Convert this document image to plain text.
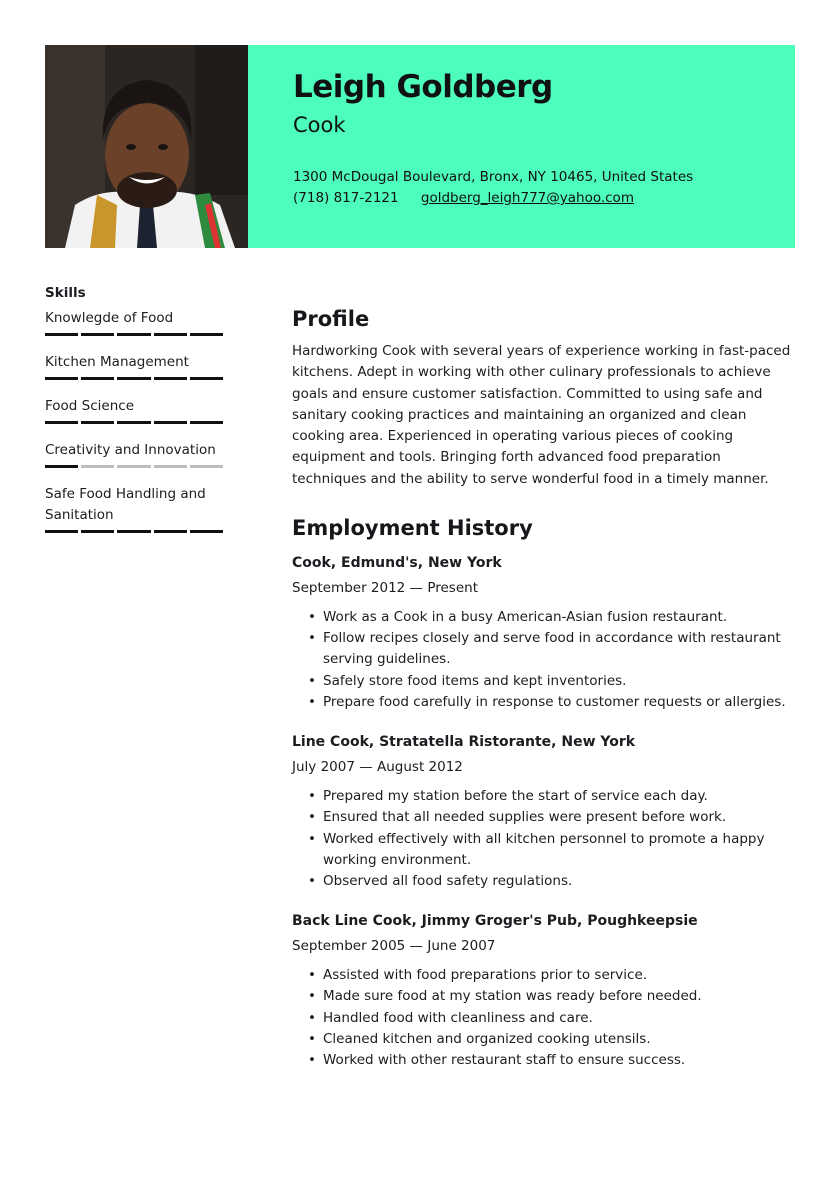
Leigh Goldberg
Cook
1300 McDougal Boulevard, Bronx, NY 10465, United States
(718) 817-2121 goldberg_leigh777@yahoo.com
Skills
Knowlegde of Food
Kitchen Management
Food Science
Creativity and Innovation
Safe Food Handling and Sanitation
Profile
Hardworking Cook with several years of experience working in fast-paced kitchens. Adept in working with other culinary professionals to achieve goals and ensure customer satisfaction. Committed to using safe and sanitary cooking practices and maintaining an organized and clean cooking area. Experienced in operating various pieces of cooking equipment and tools. Bringing forth advanced food preparation techniques and the ability to serve wonderful food in a timely manner.
Employment History
Cook, Edmund's, New York
September 2012 — Present
• Work as a Cook in a busy American-Asian fusion restaurant.
• Follow recipes closely and serve food in accordance with restaurant serving guidelines.
• Safely store food items and kept inventories.
• Prepare food carefully in response to customer requests or allergies.
Line Cook, Stratatella Ristorante, New York
July 2007 — August 2012
• Prepared my station before the start of service each day.
• Ensured that all needed supplies were present before work.
• Worked effectively with all kitchen personnel to promote a happy working environment.
• Observed all food safety regulations.
Back Line Cook, Jimmy Groger's Pub, Poughkeepsie
September 2005 — June 2007
• Assisted with food preparations prior to service.
• Made sure food at my station was ready before needed.
• Handled food with cleanliness and care.
• Cleaned kitchen and organized cooking utensils.
• Worked with other restaurant staff to ensure success.
